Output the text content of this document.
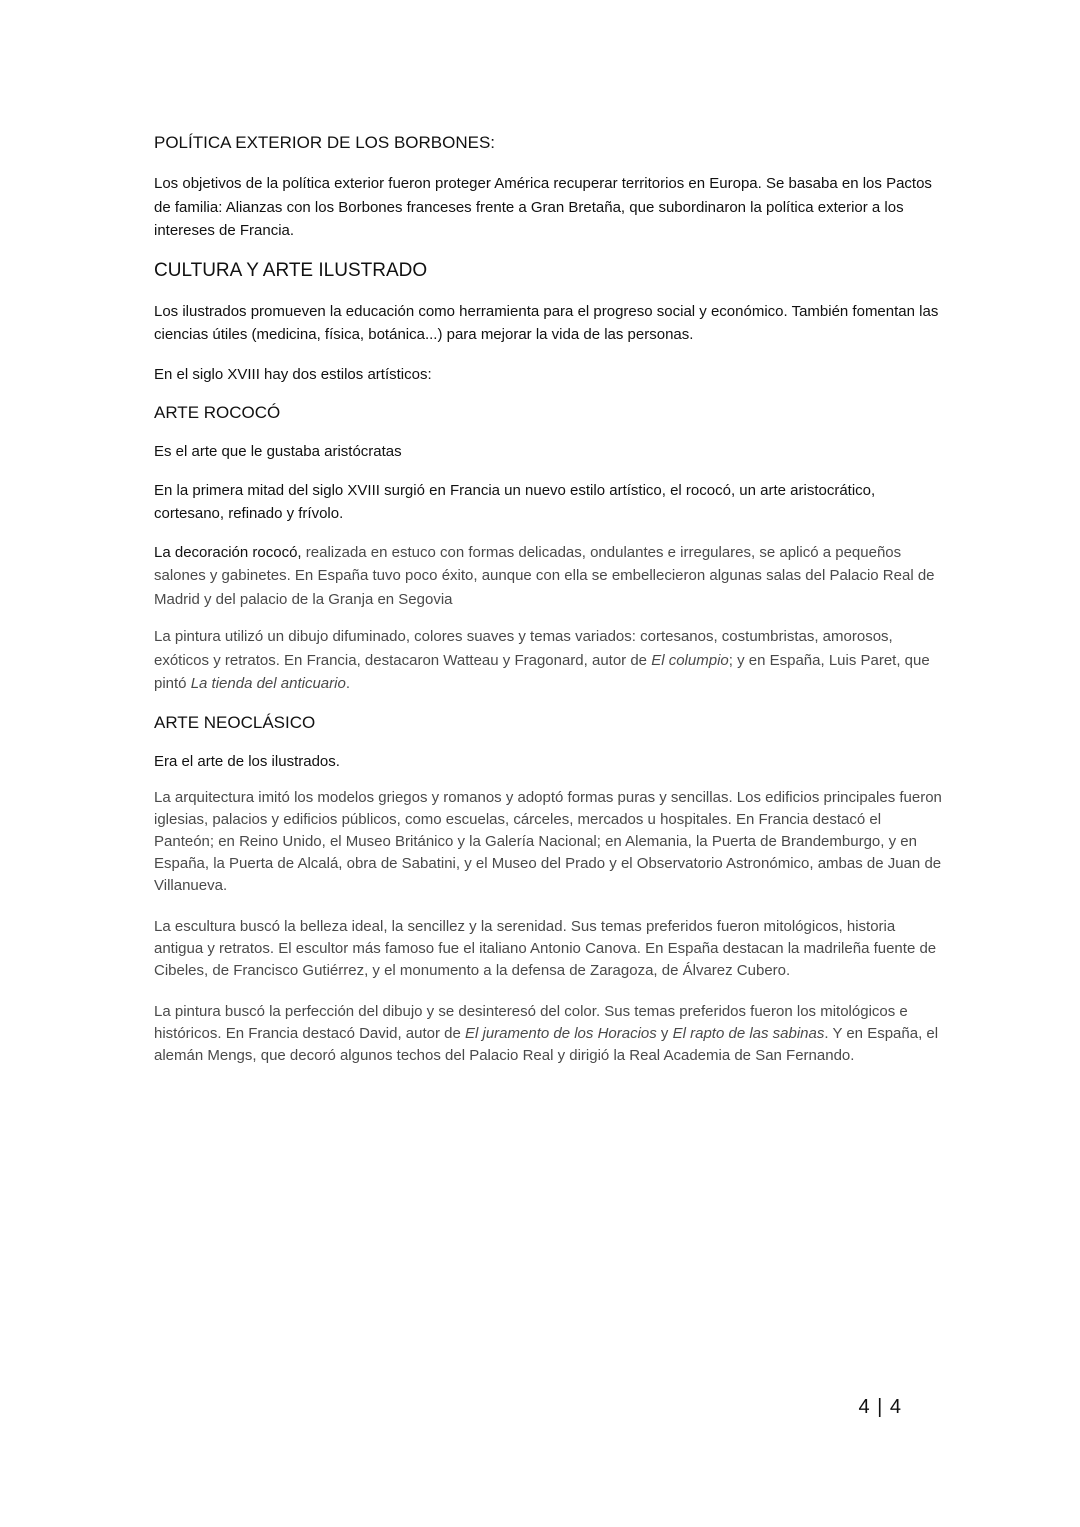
POLÍTICA EXTERIOR DE LOS BORBONES:

Los objetivos de la política exterior fueron proteger América recuperar territorios en Europa. Se basaba en los Pactos de familia: Alianzas con los Borbones franceses frente a Gran Bretaña, que subordinaron la política exterior a los intereses de Francia.

CULTURA Y ARTE ILUSTRADO

Los ilustrados promueven la educación como herramienta para el progreso social y económico. También fomentan las ciencias útiles (medicina, física, botánica...) para mejorar la vida de las personas.

En el siglo XVIII hay dos estilos artísticos:

ARTE ROCOCÓ

Es el arte que le gustaba aristócratas

En la primera mitad del siglo XVIII surgió en Francia un nuevo estilo artístico, el rococó, un arte aristocrático, cortesano, refinado y frívolo.

La decoración rococó, realizada en estuco con formas delicadas, ondulantes e irregulares, se aplicó a pequeños salones y gabinetes. En España tuvo poco éxito, aunque con ella se embellecieron algunas salas del Palacio Real de Madrid y del palacio de la Granja en Segovia

La pintura utilizó un dibujo difuminado, colores suaves y temas variados: cortesanos, costumbristas, amorosos, exóticos y retratos. En Francia, destacaron Watteau y Fragonard, autor de El columpio; y en España, Luis Paret, que pintó La tienda del anticuario.

ARTE NEOCLÁSICO

Era el arte de los ilustrados.

La arquitectura imitó los modelos griegos y romanos y adoptó formas puras y sencillas. Los edificios principales fueron iglesias, palacios y edificios públicos, como escuelas, cárceles, mercados u hospitales. En Francia destacó el Panteón; en Reino Unido, el Museo Británico y la Galería Nacional; en Alemania, la Puerta de Brandemburgo, y en España, la Puerta de Alcalá, obra de Sabatini, y el Museo del Prado y el Observatorio Astronómico, ambas de Juan de Villanueva.

La escultura buscó la belleza ideal, la sencillez y la serenidad. Sus temas preferidos fueron mitológicos, historia antigua y retratos. El escultor más famoso fue el italiano Antonio Canova. En España destacan la madrileña fuente de Cibeles, de Francisco Gutiérrez, y el monumento a la defensa de Zaragoza, de Álvarez Cubero.

La pintura buscó la perfección del dibujo y se desinteresó del color. Sus temas preferidos fueron los mitológicos e históricos. En Francia destacó David, autor de El juramento de los Horacios y El rapto de las sabinas. Y en España, el alemán Mengs, que decoró algunos techos del Palacio Real y dirigió la Real Academia de San Fernando.

4 | 4
